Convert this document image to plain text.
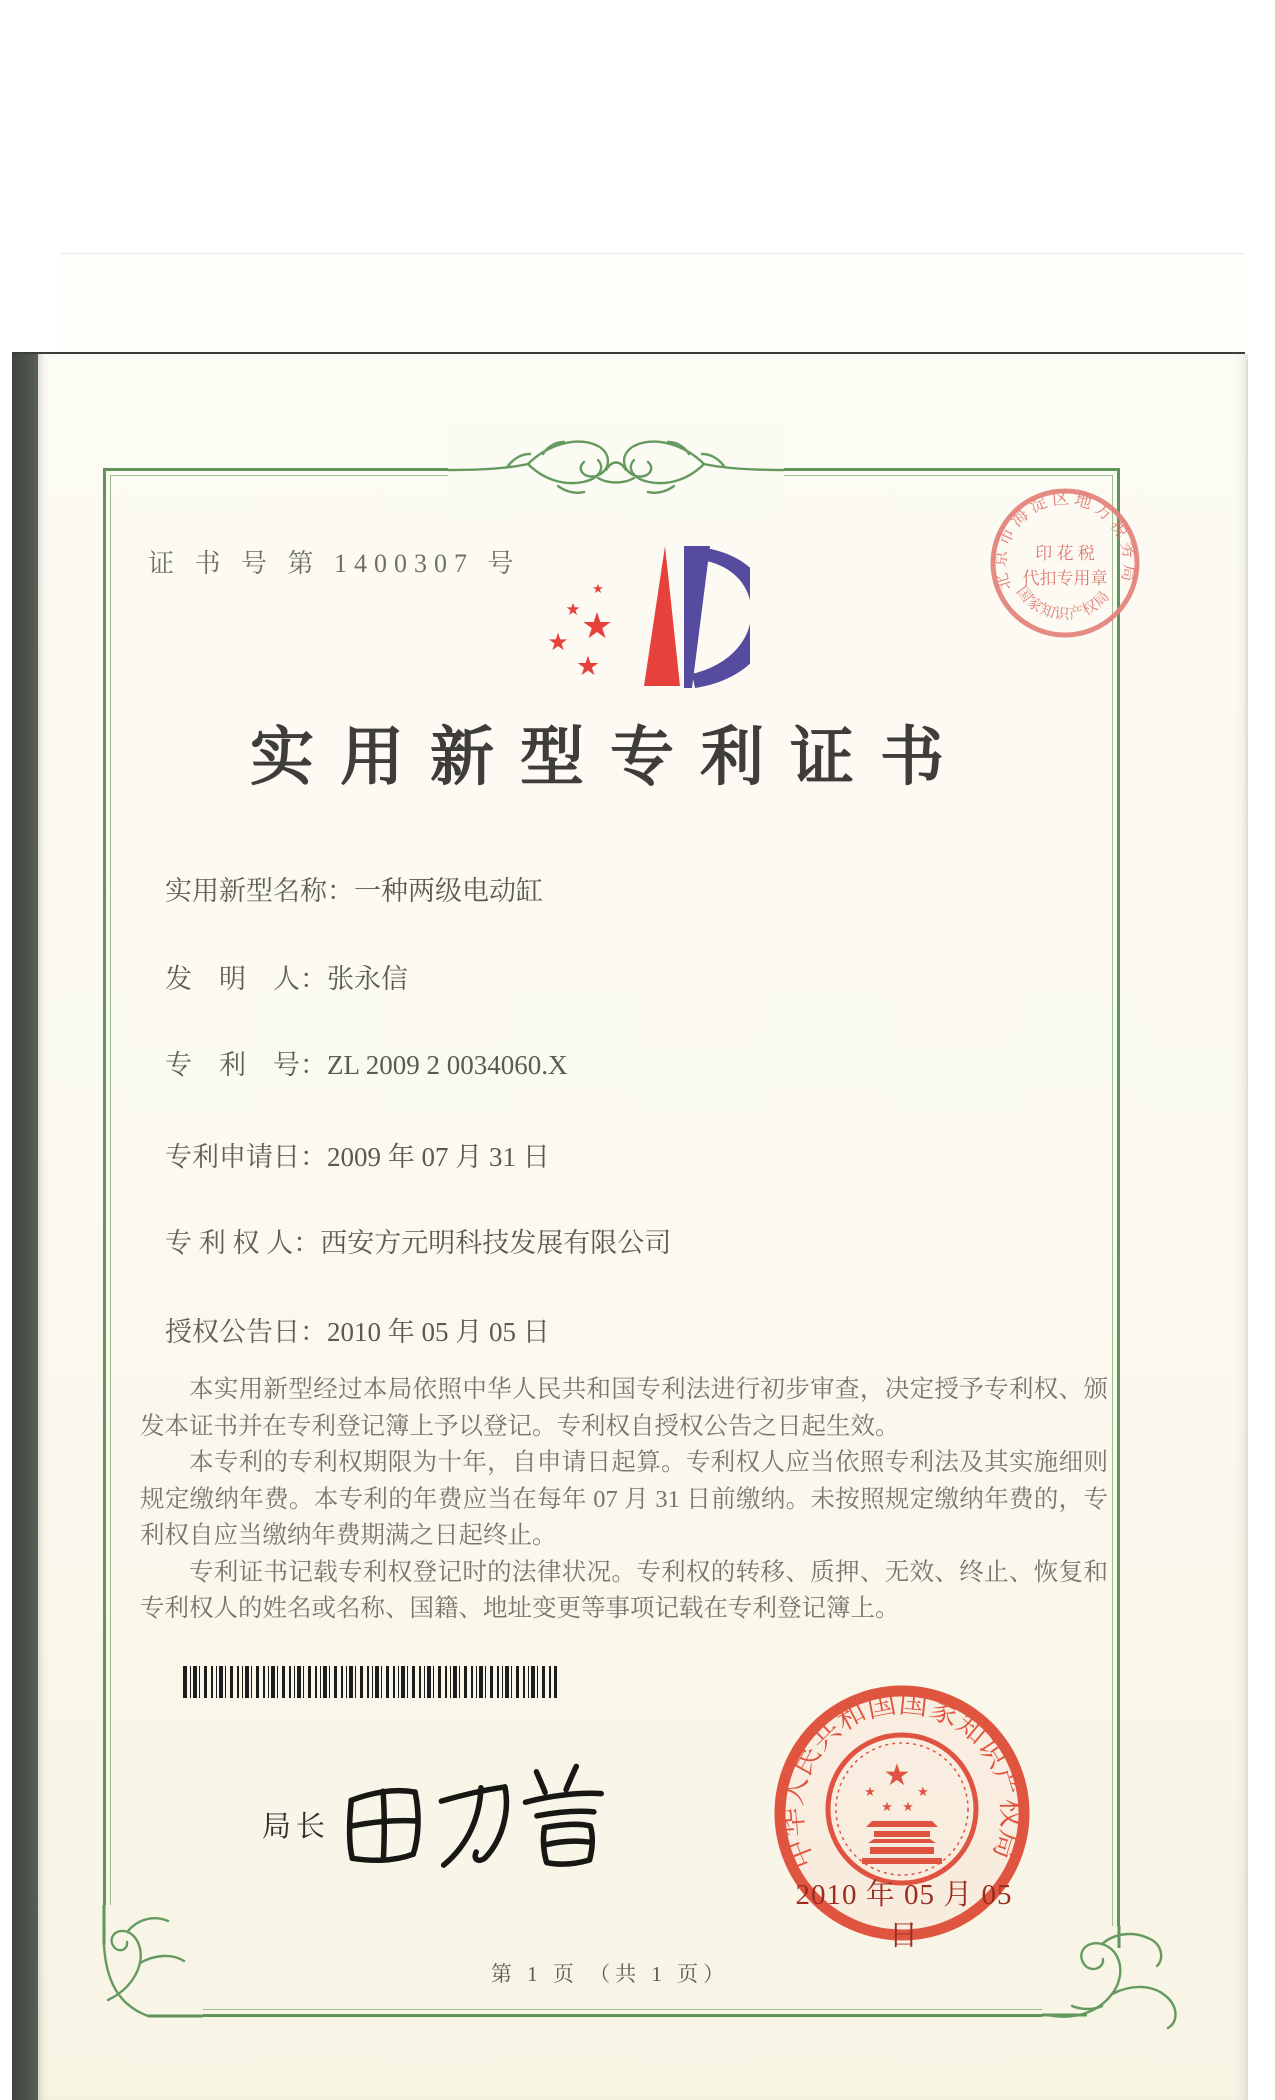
证 书 号 第 1400307 号
★
★ ★
★
★
实用新型专利证书
实用新型名称：一种两级电动缸
发　明　人：张永信
专　利　号：ZL 2009 2 0034060.X
专利申请日：2009 年 07 月 31 日
专 利 权 人：西安方元明科技发展有限公司
授权公告日：2010 年 05 月 05 日

本实用新型经过本局依照中华人民共和国专利法进行初步审查，决定授予专利权、颁发本证书并在专利登记簿上予以登记。专利权自授权公告之日起生效。

本专利的专利权期限为十年，自申请日起算。专利权人应当依照专利法及其实施细则规定缴纳年费。本专利的年费应当在每年 07 月 31 日前缴纳。未按照规定缴纳年费的，专利权自应当缴纳年费期满之日起终止。

专利证书记载专利权登记时的法律状况。专利权的转移、质押、无效、终止、恢复和专利权人的姓名或名称、国籍、地址变更等事项记载在专利登记簿上。

局长
中华人民共和国国家知识产权局
★
★
★
★
★
2010 年 05 月 05 日
北京市海淀区地方税务局
国家知识产权局
印 花 税
代扣专用章
第 1 页 （共 1 页）
